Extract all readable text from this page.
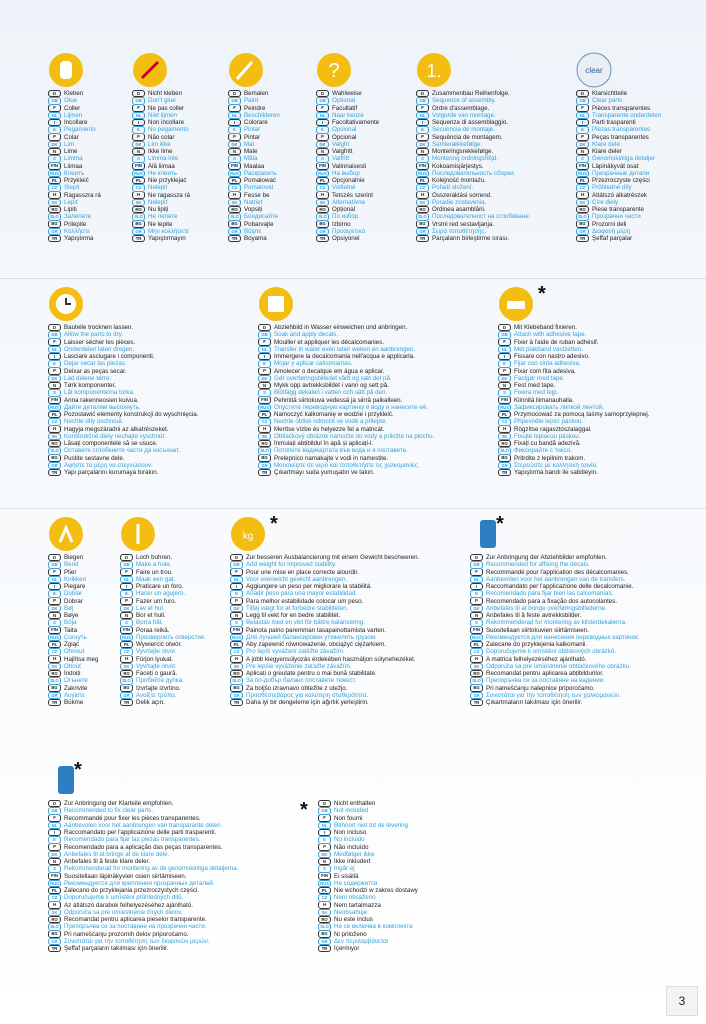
D	Kleben
GB	Glue
F	Coller
NL	Lijmen
I	Incollare
E	Pegamento
P	Colar
DK	Lim
N	Lime
S	Limma
FIN Liimaa
RUS Клеить
PL	Przykleić
CZ	Slepit
H	Ragasszra rá
SK	Lepiť
RO	Lipiti
SLO Залепете
BG	Prilepite
GR	Κολλήστε
TR	Yapıştırma
D	Nicht kleben
GB	Don't glue
F	Ne pas coller
NL	Niet lijmen
I	Non incollare
E	No pegamento
P	Não colar
DK	Lim ikke
N	Ikke lime
S	Limma inte
FIN Älä liimaa
RUS Не клеить
PL	Nie przyklejać
CZ	Nelepit
H	Ne ragassza rá
SK	Nelepiť
RO	Nu lipiți
SLO Не лепете
BG	Ne lepite
GR	Μην κολλήσετε
TR	Yapıştırmayın
D	Bemalen
GB	Paint
F	Peindre
NL	Beschilderen
I	Colorare
E	Pintar
P	Pintar
DK	Mal
N	Male
S	Måla
FIN Maalaa
RUS Раскрасить
PL	Pomalować
CZ	Pomalovat
H	Fesse be
SK	Natrieť
RO	Vopsiți
SLO Боядисайте
BG	Pobarvajte
GR	Βάψτε
TR	Boyama
?
D	Wahlweise
GB	Optional
F	Facultatif
NL	Naar keuze
I	Facoltativamente
E	Opcional
P	Opcional
DK	Valgfri
N	Valgfritt
S	Valfritt
FIN Valinnaisesti
RUS На выбор
PL	Opcjonalnie
CZ	Volitelné
H	Tetszés szerint
SK	Alternatívne
RO	Opțional
SLO По избор
BG	Izbirno
GR	Προαιρετικά
TR	Opsiyonel
1.
D	Zusammenbau Reihenfolge.
GB	Sequence of assembly.
F	Ordre d'assemblage.
NL	Volgorde van montage.
I	Sequenza di assemblaggio.
E	Secuencia de montaje.
P	Sequência de montagem.
DK	Samlerækkefølge.
N	Monteringsrekkefølge.
S	Montering ordningsföljd.
FIN Kokoamisjärjestys.
RUS Последовательность сборки.
PL	Kolejność montażu.
CZ	Pořadí složení.
H	Összeraklási sorrend.
SK	Poradie zostavenia.
RO	Ordinea asamblării.
SLO Последователност на сглобяване.
BG	Vrstni red sestavljanja.
GR	Σειρά τοποθέτησης.
TR	Parçaların birleştirme sırası.
clear
D	Klarsichtteile
GB	Clear parts
F	Pièces transparentes
NL	Transparente onderdelen
I	Parti trasparenti
E	Piezas transparentes
P	Peças transparentes
DK	Klare dele
N	Klare deler
S	Genomskinliga detaljer
FIN Läpinäkyvät osat
RUS Прозрачные детали
PL	Przezroczyste części
CZ	Průhledné díly
H	Átlátszó alkatrészek
SK	Číre diely
RO	Piese transparente
SLO Прозрачни части
BG	Prozorni deli
GR	Διαφανή μέρη
TR	Şeffaf parçalar
D	Bauteile trocknen lassen.
GB	Allow the parts to dry.
F	Laisser sécher les pièces.
NL	Onderdelen laten drogen.
I	Lasciare asciugare i componenti.
E	Dejar secar las piezas.
P	Deixar as peças secar.
DK	Lad delene tørre.
N	Tørk komponenter.
S	Låt komponenterna torka.
FIN Anna rakenneosien kuivua.
RUS Дайте деталям высохнуть.
PL	Pozostawić elementy konstrukcji do wyschnięcia.
CZ	Nechte díly uschnout.
H	Hagyja megszáradni az alkatrészeket.
SK	Konštrukčné diely nechajte vyschnúť.
RO	Lăsați componentele să se usuce.
SLO Оставете сглобените части да изсъхнат.
BG	Pustite sestavne dele.
GR	Αφήστε τα μέρη να στεγνώσουν.
TR	Yapı parçalarını kurumaya bırakın.
D	Abziehbild in Wasser einweichen und anbringen.
GB	Soak and apply decals.
F	Mouiller et appliquer les décalcomanies.
NL	Transfer in water even laten weken en aanbrengen.
I	Immergere la decalcomania nell'acqua e applicarla.
E	Mojar y aplicar calcomanías.
P	Amolecer o decalque em água e aplicar.
DK	Gør overføringsbilledet vådt og sæt det på.
N	Mykk opp avtrekksbildet i vann og sett på.
S	Blötlägg dekalen i vatten och sätt på den.
FIN Pehmitä siirtokuva vedessä ja siirrä paikalleen.
RUS Опустите переводную картинку в воду и нанесите её.
PL	Namoczyć kalkomanię w wodzie i przykleić.
CZ	Nechte obtisk odmočit ve vodě a přilepte.
H	Merítse vízbe és helyezze fel a matricát.
SK	Obtlačkový obrázok namočte do vody a priložte na plochu.
RO	Înmuiați abțibildul în apă și aplicați-l.
SLO Потопете вадикартата във вода и я поставете.
BG	Prelepnico namakajte v vodi in namestite.
GR	Μουσκέψτε σε νερό και τοποθετήστε τις χαλκομανίες.
TR	Çıkartmayı suda yumuşatın ve takın.
*
D	Mit Klebeband fixieren.
GB	Attach with adhesive tape.
F	Fixer à l'aide de ruban adhésif.
NL	Met plakband vastzetten.
I	Fissare con nastro adesivo.
E	Fijar con cinta adhesiva.
P	Fixar com fita adesiva.
DK	Fastgør med tape.
N	Fest med tape.
S	Fixera med tejp.
FIN Kiinnitä liimanauhalla.
RUS Зафиксировать липкой лентой.
PL	Przymocować za pomocą taśmy samoprzylepnej.
CZ	Připevněte lepicí páskou.
H	Rögzítse ragasztószalaggal.
SK	Fixujte lepiacou páskou.
RO	Fixați cu bandă adezivă.
SLO Фиксирайте с тиксо.
BG	Pritrdite z lepilnim trakom.
GR	Στερεώστε με κολλητική ταινία.
TR	Yapıştırma bandı ile sabitleyin.
D	Biegen
GB	Bend
F	Plier
NL	Knikken
I	Piegare
E	Doblar
P	Dobrar
DK	Bøj
N	Bøye
S	Böja
FIN Taita
RUS Согнуть
PL	Zgiąć
CZ	Ohnout
H	Hajlítsa meg
SK	Ohnúť
RO	Îndoiți
SLO Огънете
BG	Zakrivite
GR	Λυγίστε
TR	Bükme
D	Loch bohren.
GB	Make a hole.
F	Faire un trou.
NL	Maak een gat.
I	Praticare un foro.
E	Hacer un agujero.
P	Fazer um furo.
DK	Lav et hul.
N	Bor et hull.
S	Borra hål.
FIN Poraa reikä.
RUS Просверлить отверстие.
PL	Wywiercić otwór.
CZ	Vyvrtejte otvor.
H	Fúrjon lyukat.
SK	Vyvŕtajte otvor.
RO	Faceți o gaură.
SLO Пробийте дупка.
BG	Izvrtajte izvrtino.
GR	Ανοίξτε τρύπα.
TR	Delik açın.
kg
*
D	Zur besseren Ausbalancierung mit einem Gewicht beschweren.
GB	Add weight for improved stability.
F	Pour une mise en place correcte alourdir.
NL	Voor evenwicht gewicht aanbrengen.
I	Aggiungere un peso per migliorare la stabilità.
E	Añadir peso para una mayor estabilidad.
P	Para melhor estabilidade colocar um peso.
DK	Tilføj vægt for at forbedre stabiliteten.
N	Legg til vekt for en bedre stabilitet.
S	Belastas med en vikt för bättre balansering.
FIN Painota paino paremman tasapainottamista varten.
RUS Для лучшей балансировки утяжелить грузом.
PL	Aby zapewnić równoważenie, obciążyć ciężarkiem.
CZ	Pro lepší vyvážení zatěžte závažím.
H	A jobb kiegyensúlyozás érdekében használjon súlynehezéket.
SK	Pre lepšie vyváženie zaťažte závažím.
RO	Aplicați o greutate pentru o mai bună stabilitate.
SLO За по-добър баланс поставете тежест.
BG	Za boljšo izravnavo obtežite z utežjo.
GR	Προσθέστεβάρος για καλύτερη σταθερότητα.
TR	Daha iyi bir dengeleme için ağırlık yerleştirin.
*
D	Zur Anbringung der Abziehbilder empfohlen.
GB	Recommended for affixing the decals.
F	Recommandé pour l'application des décalcomanies.
NL	Aanbevolen voor het aanbrengen van de transfers.
I	Raccomandato per l'applicazione delle decalcomanie.
E	Recomendado para fijar bien las calcomanías.
P	Recomendado para a fixação dos autocolantes.
DK	Anbefales til at bringe overføringsbillederne.
N	Anbefales til å feste avtrekksbilder.
S	Rekommenderad for montering av klisterdekalerna.
FIN Suositellaan siirtokuvien siirtämiseen.
RUS Рекомендуется для нанесения переводных картинок.
PL	Zalecane do przyklejenia kalkomanii.
CZ	Doporučujeme k umístění obtiskových obrázků.
H	A matrica felhelyezéséhez ajánlható.
SK	Odporúča sa pre umiestnenie obtlačkového obrázku.
RO	Recomandat pentru aplicarea abțibildurilor.
SLO Препоръчва се за поставяне на вадении.
BG	Pri namešćanju nalepnice priporočamo.
GR	Συνιστάται για την τοποθέτηση των χαλκομανιών.
TR	Çıkartmaların takılması için önerilir.
*
D	Zur Anbringung der Klarteile empfohlen.
GB	Recommended to fix clear parts.
F	Recommandé pour fixer les pièces transparentes.
NL	Aanbevolen voor het aanbrengen van transparante delen.
I	Raccomandato per l'applicazione delle parti trasparenti.
E	Recomendado para fijar las piezas transparentes.
P	Recomendado para a aplicação das peças transparentes.
DK	Anbefales til at bringe af de klare dele.
N	Anbefales til å feste klare deler.
S	Rekommenderad for montering av de genomskinliga detaljerna.
FIN Suositellaan läpinäkyvien osien siirtämiseen.
RUS Рекомендуется для крепления прозрачных деталей.
PL	Zalecano do przyklejania przezroczystych części.
CZ	Doporučujeme k umístění průhledných dílů.
H	Az átlátszó darabok felhelyezéséhez ajánlható.
SK	Odporúča sa pre umiestnenie čírych dielov.
RO	Recomandat pentru aplicarea pieselor transparente.
SLO Препоръчва се за поставяне на прозрачни части.
BG	Pri namešćanju prozornih delov priporočamo.
GR	Συνιστάται για την τοποθέτηση των διαφανών μερών.
TR	Şeffaf parçaların takılması için önerilir.
*	D	Nicht enthalten
GB	Not included
F	Non fourni
NL	Behoort niet tot de levering
I	Non incluso
E	No incluido
P	Não incluído
DK	Medfølger ikke
N	Ikke inkludert
S	Ingår ej
FIN Ei sisällä
RUS Не содержится
PL	Nie wchodzi w zakres dostawy
CZ	Není obsaženo
H	Nem tartalmazza
SK	Neobsahuje
RO	Nu este inclus
SLO Не се включва в комплекта
BG	Ni priloženo
GR	Δεν περιλαμβάνεται
TR	İçermiyor
3
